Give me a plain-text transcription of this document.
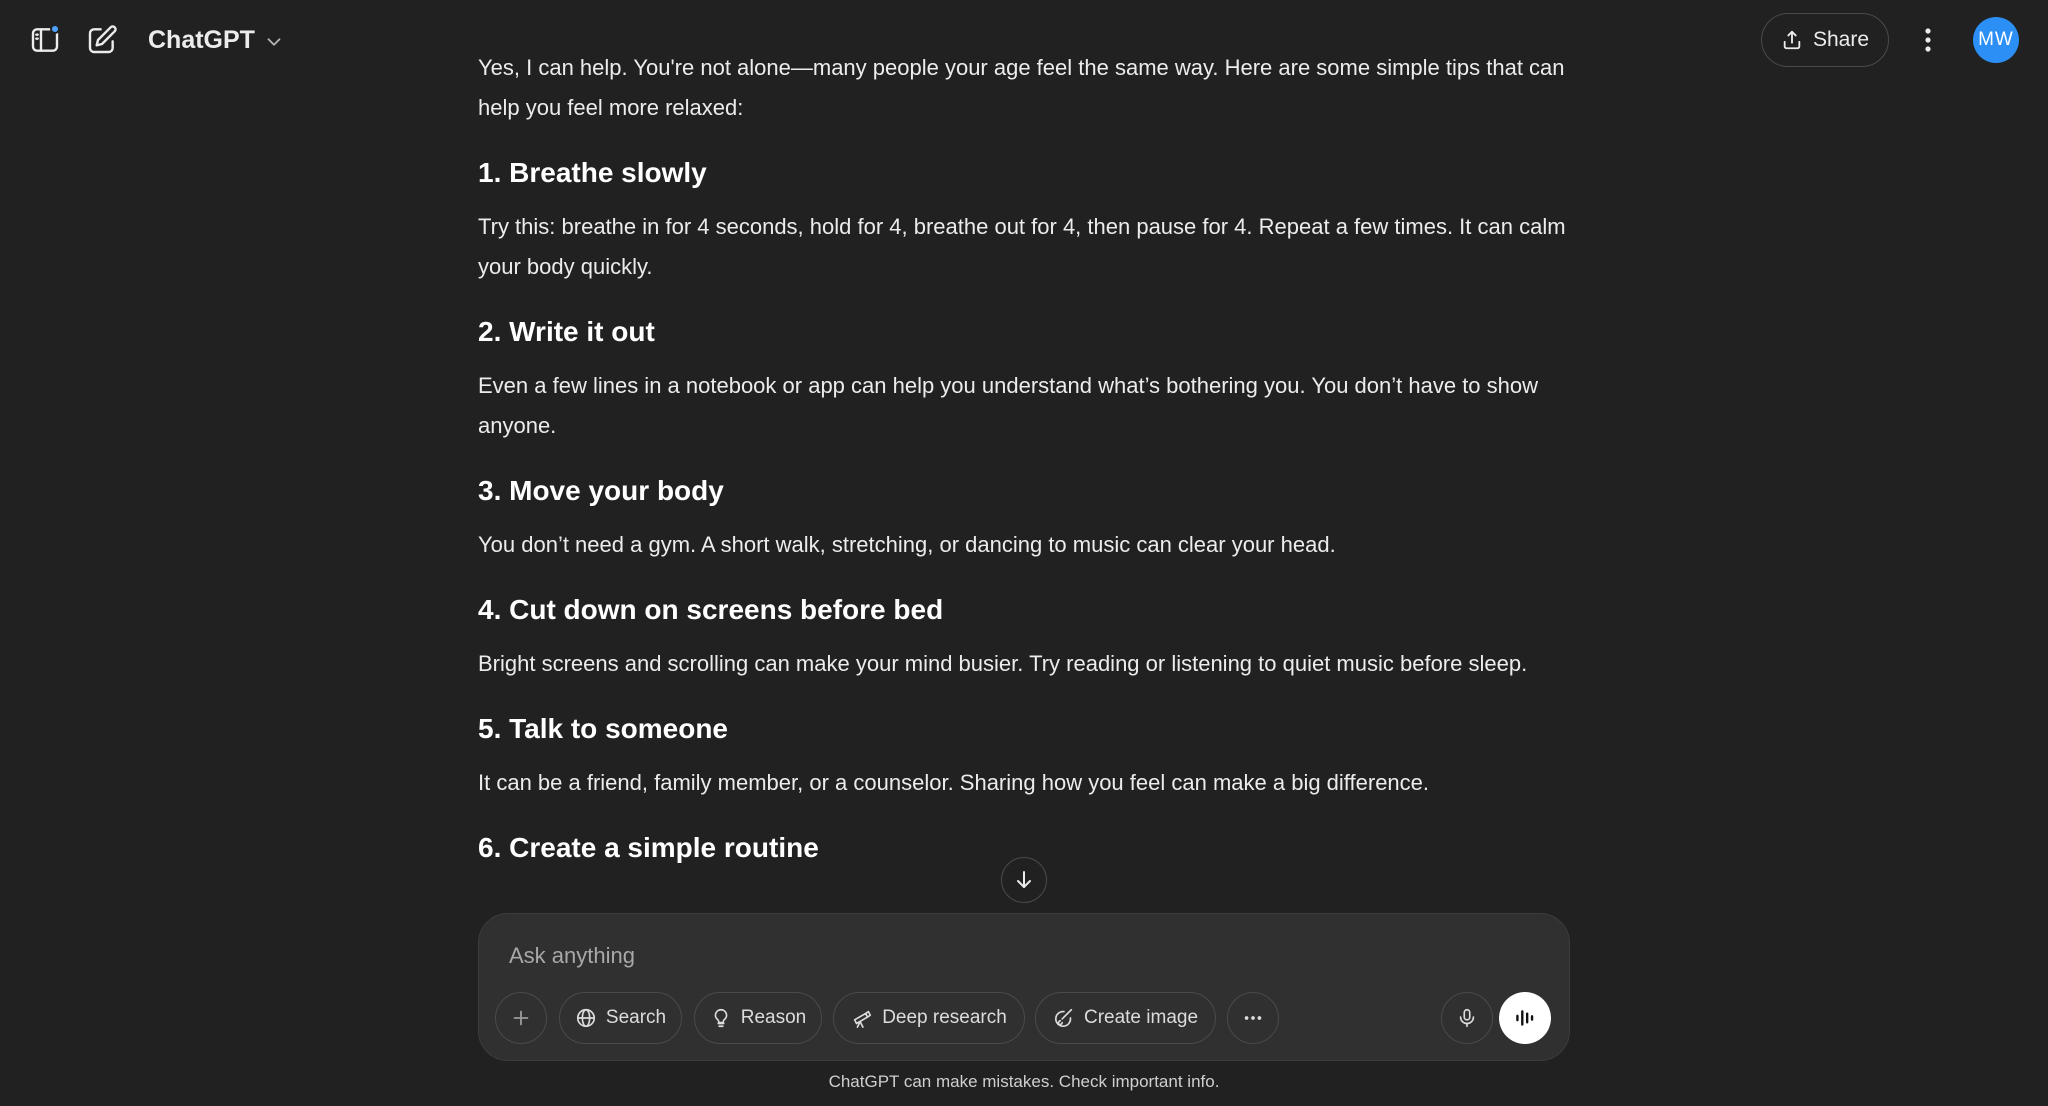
ChatGPT	Share	MW

Yes, I can help. You're not alone—many people your age feel the same way. Here are some simple tips that can help you feel more relaxed:

1. Breathe slowly

Try this: breathe in for 4 seconds, hold for 4, breathe out for 4, then pause for 4. Repeat a few times. It can calm your body quickly.

2. Write it out

Even a few lines in a notebook or app can help you understand what’s bothering you. You don’t have to show anyone.

3. Move your body

You don’t need a gym. A short walk, stretching, or dancing to music can clear your head.

4. Cut down on screens before bed

Bright screens and scrolling can make your mind busier. Try reading or listening to quiet music before sleep.

5. Talk to someone

It can be a friend, family member, or a counselor. Sharing how you feel can make a big difference.

6. Create a simple routine

Ask anything
Search	Reason	Deep research	Create image
ChatGPT can make mistakes. Check important info.
